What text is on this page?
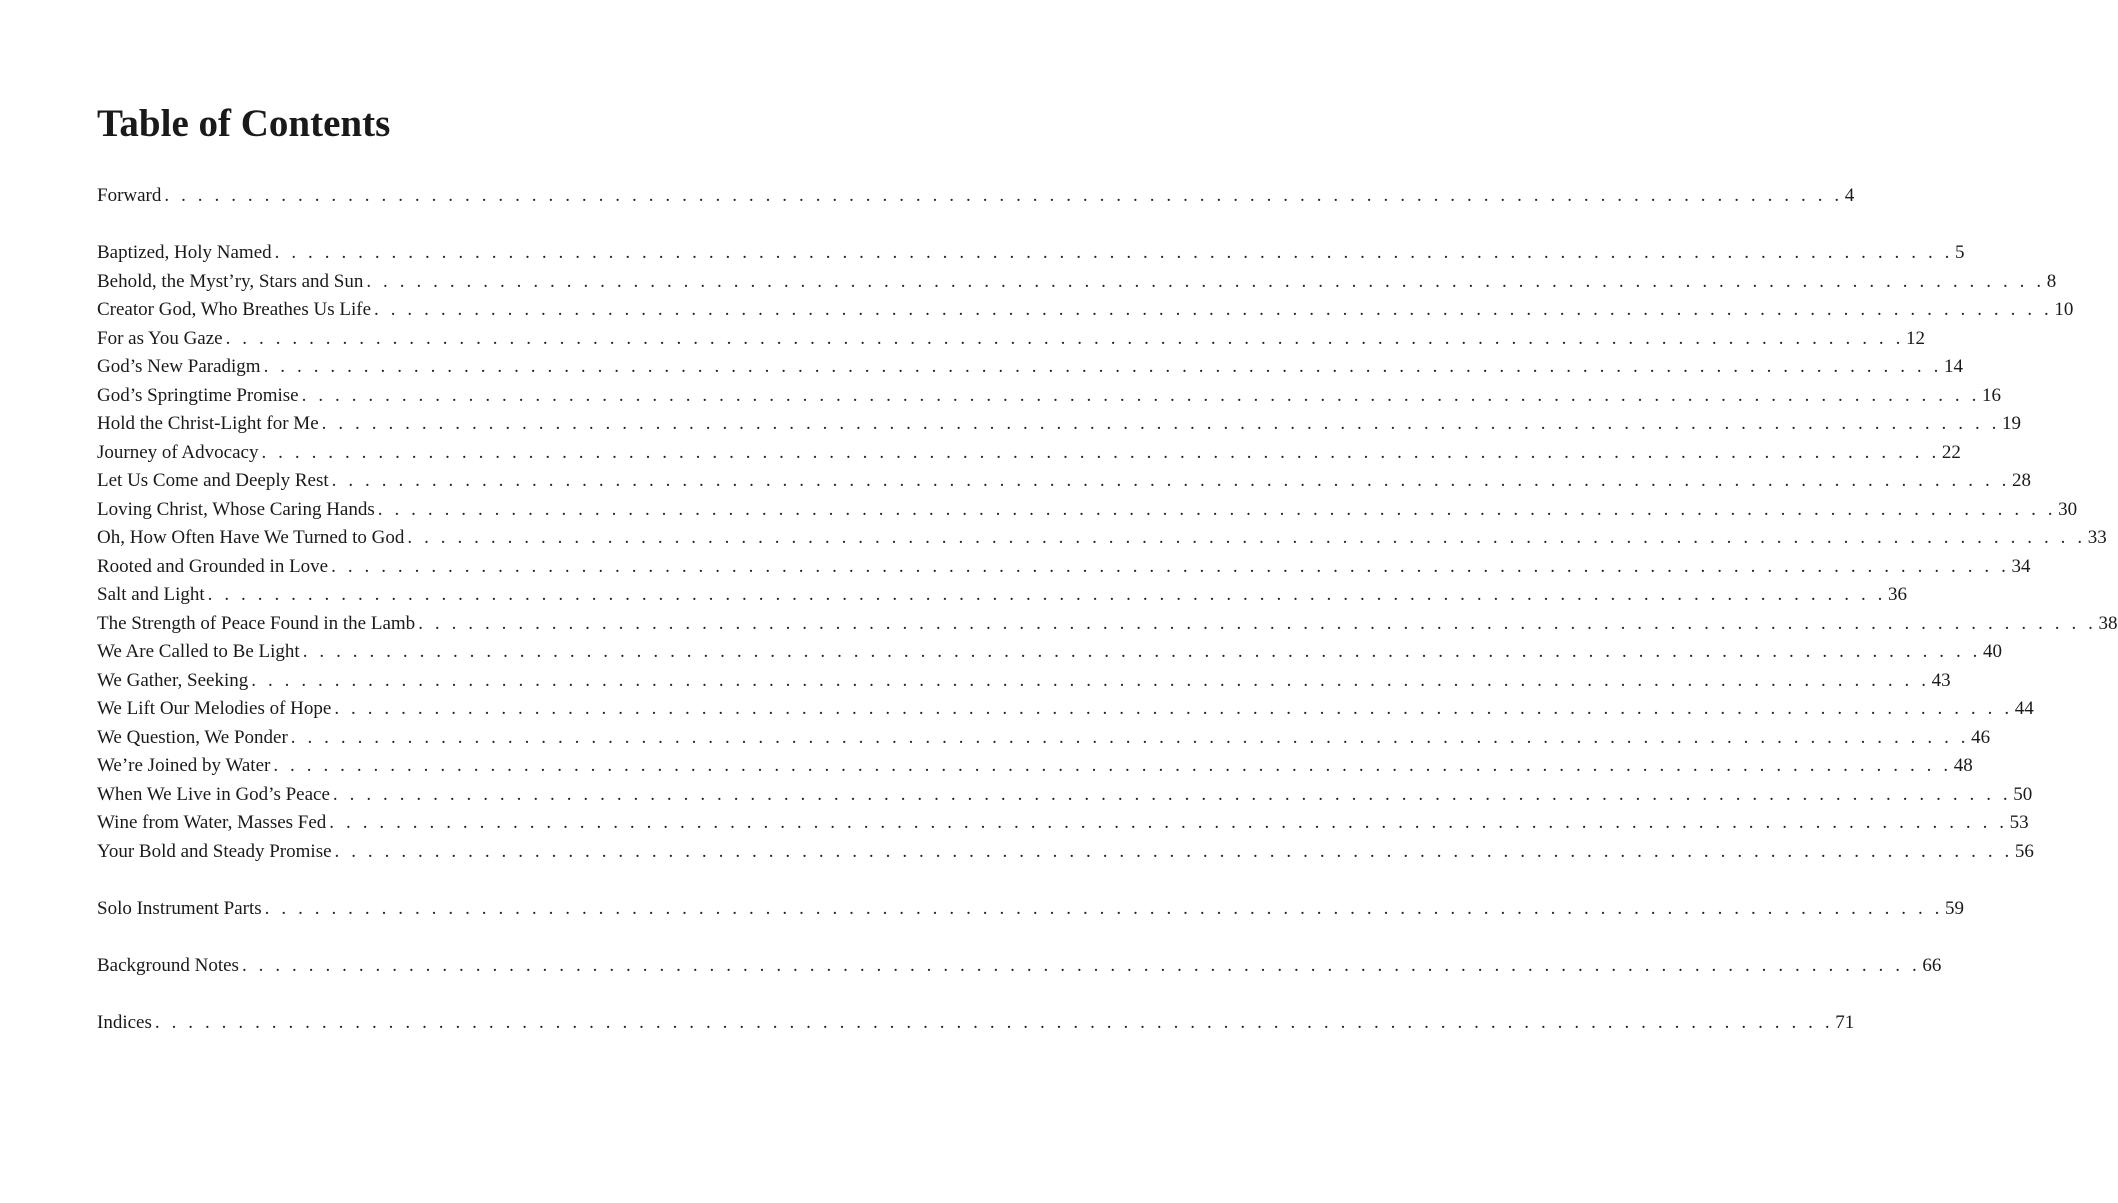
Table of Contents
Forward . . . . . . . . . . . . . . . . . . . . . . . . . . . . . . . . . . . . . . . . . . . . . . . . . . . . . . . . . . . . . . . . . . . . . . . . . . . . . . . . . . . . . . . . . . . . . . . . . . . . . 4
Baptized, Holy Named . . . . . . . . . . . . . . . . . . . . . . . . . . . . . . . . . . . . . . . . . . . . . . . . . . . . . . . . . . . . . . . . . . . . . . . . . . . . . . . . . . . . . . . . . . . . . . . . . . . . . 5
Behold, the Myst’ry, Stars and Sun . . . . . . . . . . . . . . . . . . . . . . . . . . . . . . . . . . . . . . . . . . . . . . . . . . . . . . . . . . . . . . . . . . . . . . . . . . . . . . . . . . . . . . . . . . . . . . . . . . . . . 8
Creator God, Who Breathes Us Life . . . . . . . . . . . . . . . . . . . . . . . . . . . . . . . . . . . . . . . . . . . . . . . . . . . . . . . . . . . . . . . . . . . . . . . . . . . . . . . . . . . . . . . . . . . . . . . . . . . . . 10
For as You Gaze . . . . . . . . . . . . . . . . . . . . . . . . . . . . . . . . . . . . . . . . . . . . . . . . . . . . . . . . . . . . . . . . . . . . . . . . . . . . . . . . . . . . . . . . . . . . . . . . . . . . . 12
God’s New Paradigm . . . . . . . . . . . . . . . . . . . . . . . . . . . . . . . . . . . . . . . . . . . . . . . . . . . . . . . . . . . . . . . . . . . . . . . . . . . . . . . . . . . . . . . . . . . . . . . . . . . . . 14
God’s Springtime Promise . . . . . . . . . . . . . . . . . . . . . . . . . . . . . . . . . . . . . . . . . . . . . . . . . . . . . . . . . . . . . . . . . . . . . . . . . . . . . . . . . . . . . . . . . . . . . . . . . . . . . 16
Hold the Christ-Light for Me . . . . . . . . . . . . . . . . . . . . . . . . . . . . . . . . . . . . . . . . . . . . . . . . . . . . . . . . . . . . . . . . . . . . . . . . . . . . . . . . . . . . . . . . . . . . . . . . . . . . . 19
Journey of Advocacy . . . . . . . . . . . . . . . . . . . . . . . . . . . . . . . . . . . . . . . . . . . . . . . . . . . . . . . . . . . . . . . . . . . . . . . . . . . . . . . . . . . . . . . . . . . . . . . . . . . . . 22
Let Us Come and Deeply Rest . . . . . . . . . . . . . . . . . . . . . . . . . . . . . . . . . . . . . . . . . . . . . . . . . . . . . . . . . . . . . . . . . . . . . . . . . . . . . . . . . . . . . . . . . . . . . . . . . . . . . 28
Loving Christ, Whose Caring Hands . . . . . . . . . . . . . . . . . . . . . . . . . . . . . . . . . . . . . . . . . . . . . . . . . . . . . . . . . . . . . . . . . . . . . . . . . . . . . . . . . . . . . . . . . . . . . . . . . . . . . 30
Oh, How Often Have We Turned to God . . . . . . . . . . . . . . . . . . . . . . . . . . . . . . . . . . . . . . . . . . . . . . . . . . . . . . . . . . . . . . . . . . . . . . . . . . . . . . . . . . . . . . . . . . . . . . . . . . . . . 33
Rooted and Grounded in Love . . . . . . . . . . . . . . . . . . . . . . . . . . . . . . . . . . . . . . . . . . . . . . . . . . . . . . . . . . . . . . . . . . . . . . . . . . . . . . . . . . . . . . . . . . . . . . . . . . . . . 34
Salt and Light . . . . . . . . . . . . . . . . . . . . . . . . . . . . . . . . . . . . . . . . . . . . . . . . . . . . . . . . . . . . . . . . . . . . . . . . . . . . . . . . . . . . . . . . . . . . . . . . . . . . . 36
The Strength of Peace Found in the Lamb . . . . . . . . . . . . . . . . . . . . . . . . . . . . . . . . . . . . . . . . . . . . . . . . . . . . . . . . . . . . . . . . . . . . . . . . . . . . . . . . . . . . . . . . . . . . . . . . . . . . . 38
We Are Called to Be Light . . . . . . . . . . . . . . . . . . . . . . . . . . . . . . . . . . . . . . . . . . . . . . . . . . . . . . . . . . . . . . . . . . . . . . . . . . . . . . . . . . . . . . . . . . . . . . . . . . . . . 40
We Gather, Seeking . . . . . . . . . . . . . . . . . . . . . . . . . . . . . . . . . . . . . . . . . . . . . . . . . . . . . . . . . . . . . . . . . . . . . . . . . . . . . . . . . . . . . . . . . . . . . . . . . . . . . 43
We Lift Our Melodies of Hope . . . . . . . . . . . . . . . . . . . . . . . . . . . . . . . . . . . . . . . . . . . . . . . . . . . . . . . . . . . . . . . . . . . . . . . . . . . . . . . . . . . . . . . . . . . . . . . . . . . . . 44
We Question, We Ponder . . . . . . . . . . . . . . . . . . . . . . . . . . . . . . . . . . . . . . . . . . . . . . . . . . . . . . . . . . . . . . . . . . . . . . . . . . . . . . . . . . . . . . . . . . . . . . . . . . . . . 46
We’re Joined by Water . . . . . . . . . . . . . . . . . . . . . . . . . . . . . . . . . . . . . . . . . . . . . . . . . . . . . . . . . . . . . . . . . . . . . . . . . . . . . . . . . . . . . . . . . . . . . . . . . . . . . 48
When We Live in God’s Peace . . . . . . . . . . . . . . . . . . . . . . . . . . . . . . . . . . . . . . . . . . . . . . . . . . . . . . . . . . . . . . . . . . . . . . . . . . . . . . . . . . . . . . . . . . . . . . . . . . . . . 50
Wine from Water, Masses Fed . . . . . . . . . . . . . . . . . . . . . . . . . . . . . . . . . . . . . . . . . . . . . . . . . . . . . . . . . . . . . . . . . . . . . . . . . . . . . . . . . . . . . . . . . . . . . . . . . . . . . 53
Your Bold and Steady Promise . . . . . . . . . . . . . . . . . . . . . . . . . . . . . . . . . . . . . . . . . . . . . . . . . . . . . . . . . . . . . . . . . . . . . . . . . . . . . . . . . . . . . . . . . . . . . . . . . . . . . 56
Solo Instrument Parts . . . . . . . . . . . . . . . . . . . . . . . . . . . . . . . . . . . . . . . . . . . . . . . . . . . . . . . . . . . . . . . . . . . . . . . . . . . . . . . . . . . . . . . . . . . . . . . . . . . . . 59
Background Notes . . . . . . . . . . . . . . . . . . . . . . . . . . . . . . . . . . . . . . . . . . . . . . . . . . . . . . . . . . . . . . . . . . . . . . . . . . . . . . . . . . . . . . . . . . . . . . . . . . . . . 66
Indices . . . . . . . . . . . . . . . . . . . . . . . . . . . . . . . . . . . . . . . . . . . . . . . . . . . . . . . . . . . . . . . . . . . . . . . . . . . . . . . . . . . . . . . . . . . . . . . . . . . . . 71
